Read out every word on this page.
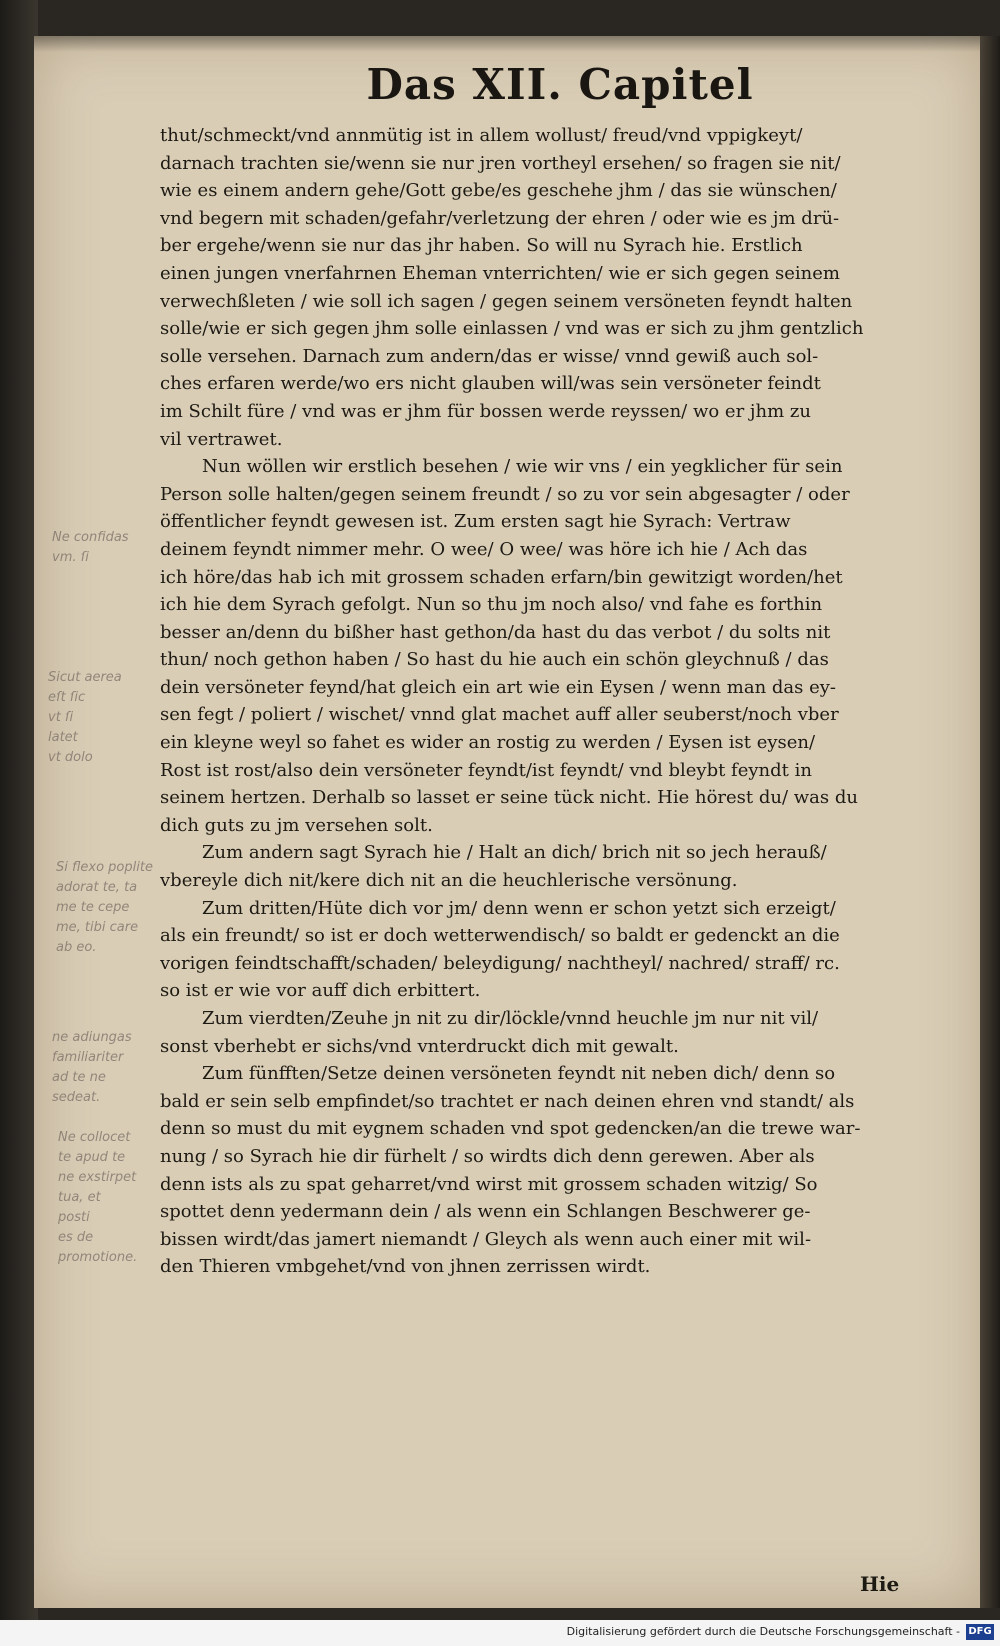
Das XII. Capitel
thut/schmeckt/vnd annmütig ist in allem wollust/ freud/vnd vppigkeyt/
darnach trachten sie/wenn sie nur jren vortheyl ersehen/ so fragen sie nit/
wie es einem andern gehe/Gott gebe/es geschehe jhm / das sie wünschen/
vnd begern mit schaden/gefahr/verletzung der ehren / oder wie es jm drü-
ber ergehe/wenn sie nur das jhr haben. So will nu Syrach hie. Erstlich
einen jungen vnerfahrnen Eheman vnterrichten/ wie er sich gegen seinem
verwechßleten / wie soll ich sagen / gegen seinem versöneten feyndt halten
solle/wie er sich gegen jhm solle einlassen / vnd was er sich zu jhm gentzlich
solle versehen. Darnach zum andern/das er wisse/ vnnd gewiß auch sol-
ches erfaren werde/wo ers nicht glauben will/was sein versöneter feindt
im Schilt füre / vnd was er jhm für bossen werde reyssen/ wo er jhm zu
vil vertrawet.
Nun wöllen wir erstlich besehen / wie wir vns / ein yegklicher für sein
Person solle halten/gegen seinem freundt / so zu vor sein abgesagter / oder
öffentlicher feyndt gewesen ist. Zum ersten sagt hie Syrach: Vertraw
deinem feyndt nimmer mehr. O wee/ O wee/ was höre ich hie / Ach das
ich höre/das hab ich mit grossem schaden erfarn/bin gewitzigt worden/het
ich hie dem Syrach gefolgt. Nun so thu jm noch also/ vnd fahe es forthin
besser an/denn du bißher hast gethon/da hast du das verbot / du solts nit
thun/ noch gethon haben / So hast du hie auch ein schön gleychnuß / das
dein versöneter feynd/hat gleich ein art wie ein Eysen / wenn man das ey-
sen fegt / poliert / wischet/ vnnd glat machet auff aller seuberst/noch vber
ein kleyne weyl so fahet es wider an rostig zu werden / Eysen ist eysen/
Rost ist rost/also dein versöneter feyndt/ist feyndt/ vnd bleybt feyndt in
seinem hertzen. Derhalb so lasset er seine tück nicht. Hie hörest du/ was du
dich guts zu jm versehen solt.
Zum andern sagt Syrach hie / Halt an dich/ brich nit so jech herauß/
vbereyle dich nit/kere dich nit an die heuchlerische versönung.
Zum dritten/Hüte dich vor jm/ denn wenn er schon yetzt sich erzeigt/
als ein freundt/ so ist er doch wetterwendisch/ so baldt er gedenckt an die
vorigen feindtschafft/schaden/ beleydigung/ nachtheyl/ nachred/ straff/ rc.
so ist er wie vor auff dich erbittert.
Zum vierdten/Zeuhe jn nit zu dir/löckle/vnnd heuchle jm nur nit vil/
sonst vberhebt er sichs/vnd vnterdruckt dich mit gewalt.
Zum fünfften/Setze deinen versöneten feyndt nit neben dich/ denn so
bald er sein selb empfindet/so trachtet er nach deinen ehren vnd standt/ als
denn so must du mit eygnem schaden vnd spot gedencken/an die trewe war-
nung / so Syrach hie dir fürhelt / so wirdts dich denn gerewen. Aber als
denn ists als zu spat geharret/vnd wirst mit grossem schaden witzig/ So
spottet denn yedermann dein / als wenn ein Schlangen Beschwerer ge-
bissen wirdt/das jamert niemandt / Gleych als wenn auch einer mit wil-
den Thieren vmbgehet/vnd von jhnen zerrissen wirdt.
Hie
Ne confidas
vm. ſi
Sicut aerea
eſt ſic
vt ſi
latet
vt dolo
Si flexo poplite
adorat te, ta
me te cepe
me, tibi care
ab eo.
ne adiungas
familiariter
ad te ne
sedeat.
Ne collocet
te apud te
ne exstirpet
tua, et
posti
es de
promotione.
Digitalisierung gefördert durch die Deutsche Forschungsgemeinschaft - DFG
